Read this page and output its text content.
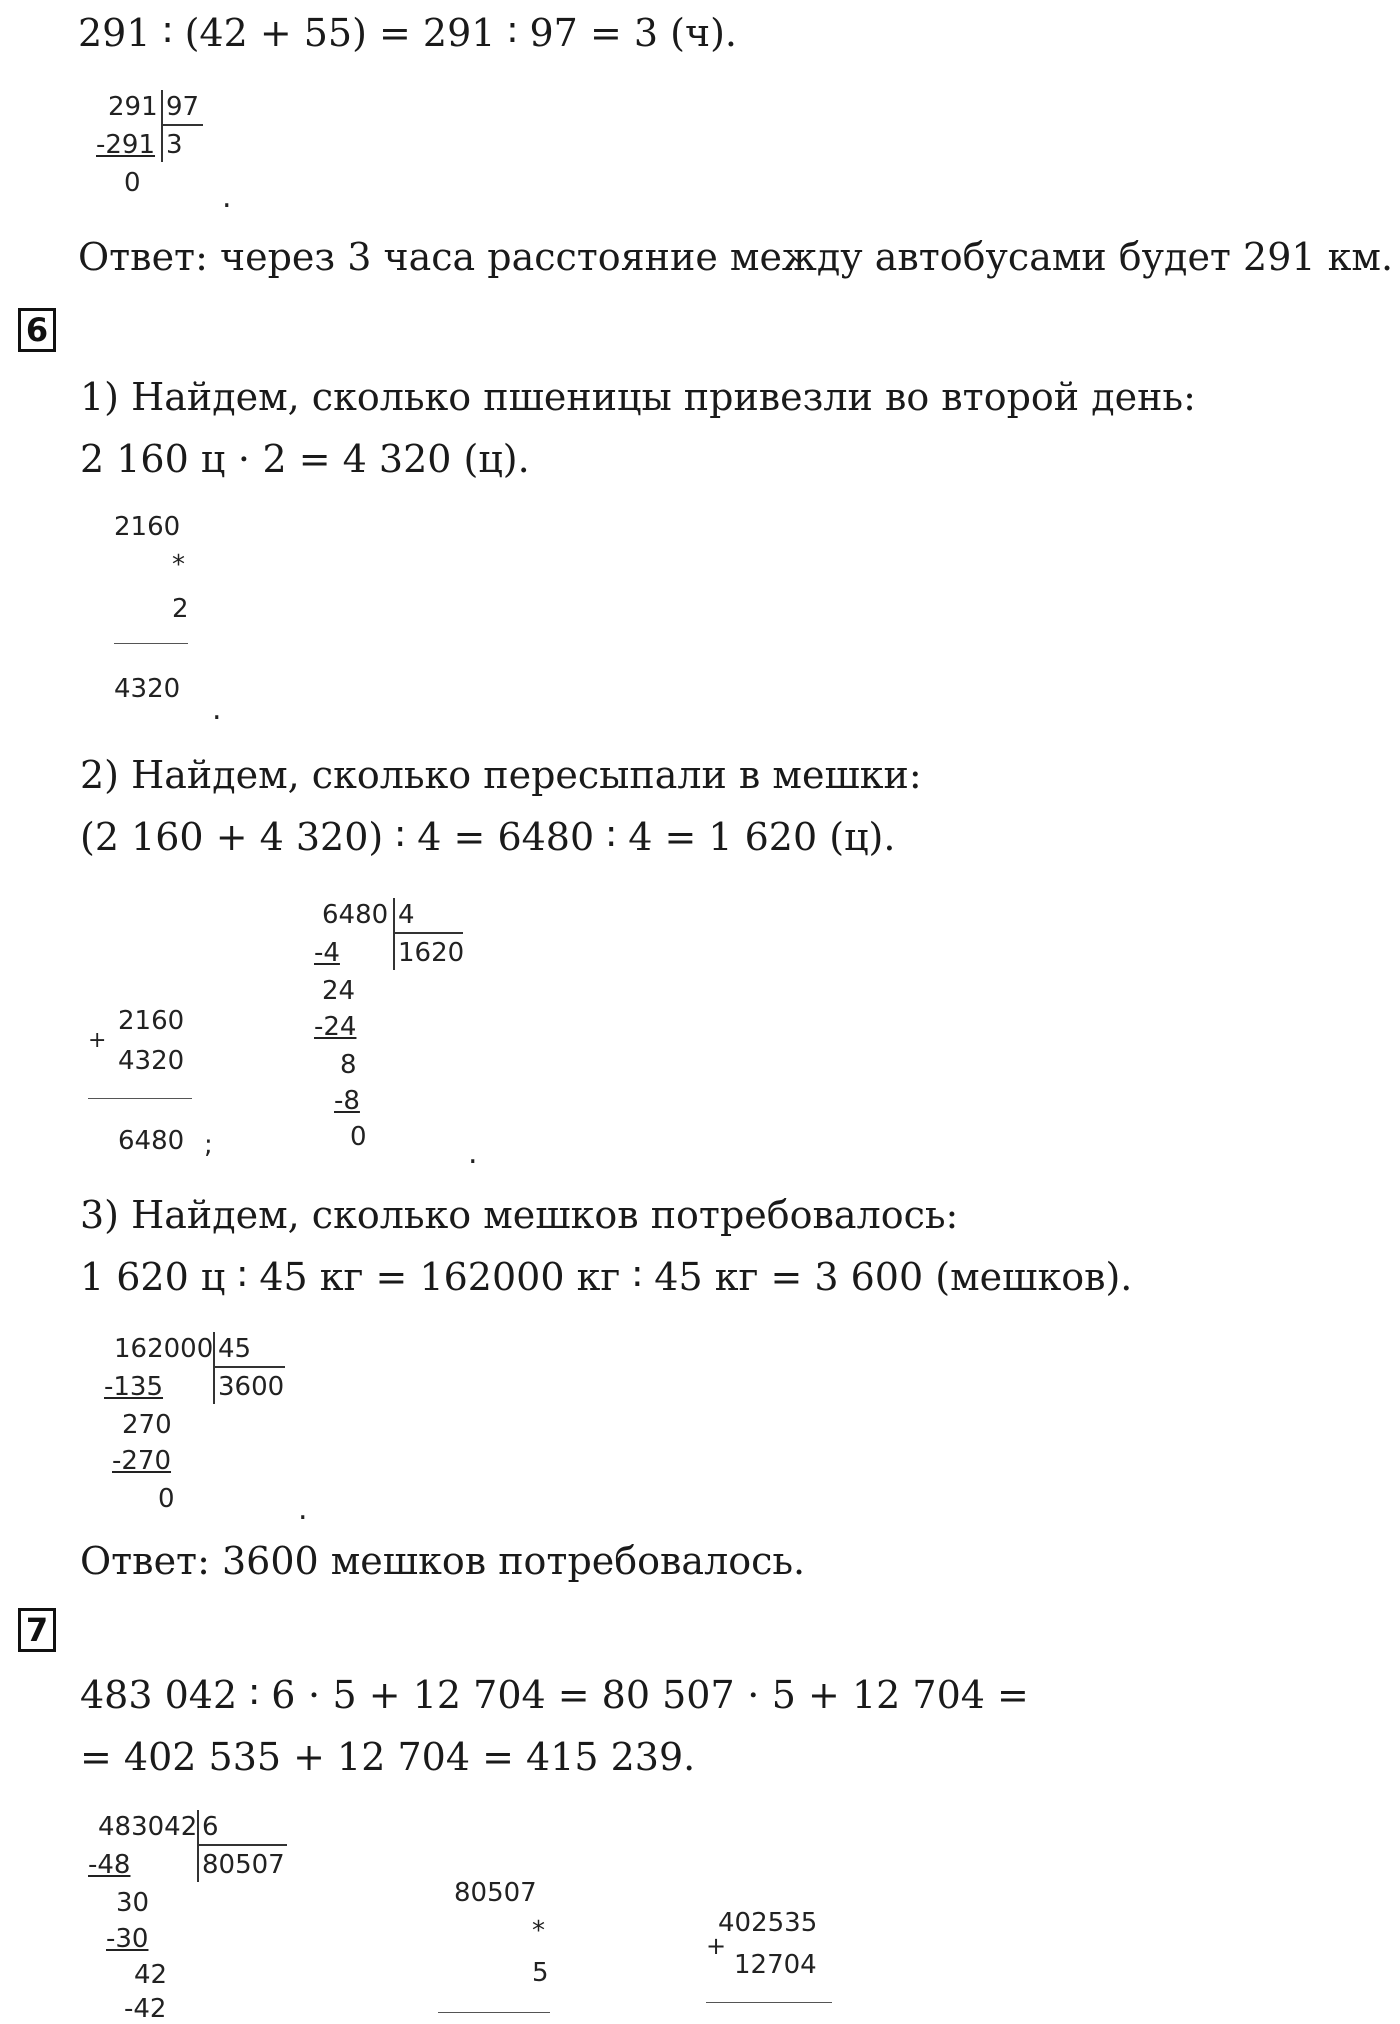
291 ∶ (42 + 55) = 291 ∶ 97 = 3 (ч).
291 97
-291 3
0	.
Ответ: через 3 часа расстояние между автобусами будет 291 км.
6
1) Найдем, сколько пшеницы привезли во второй день:
2 160 ц ⋅ 2 = 4 320 (ц).
2160
*
2
4320
.
2) Найдем, сколько пересыпали в мешки:
(2 160 + 4 320) ∶ 4 = 6480 ∶ 4 = 1 620 (ц).
+
2160
4320
6480 ;
6480 4
-4 1620
24
-24
8
-8
0	.
3) Найдем, сколько мешков потребовалось:
1 620 ц ∶ 45 кг = 162000 кг ∶ 45 кг = 3 600 (мешков).
162000 45
-135 3600
270
-270
0	.
Ответ: 3600 мешков потребовалось.
7
483 042 ∶ 6 ⋅ 5 + 12 704 = 80 507 ⋅ 5 + 12 704 =
= 402 535 + 12 704 = 415 239.
483042 6
-48	80507
30
-30
42
-42
80507
*
5
+
402535
12704
